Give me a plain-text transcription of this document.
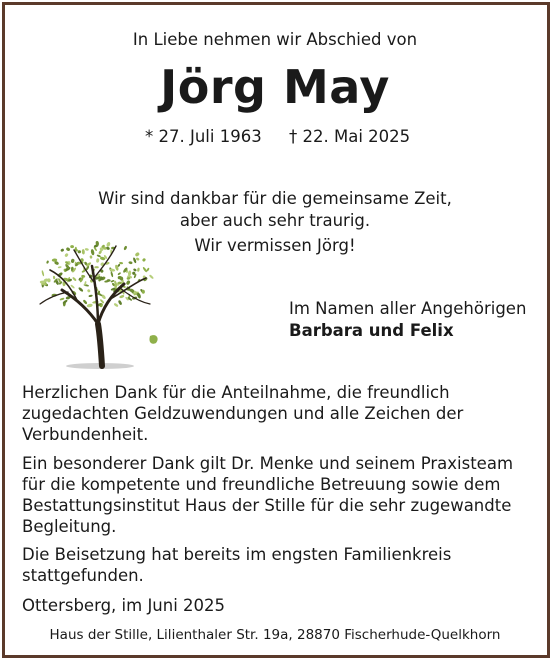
In Liebe nehmen wir Abschied von
Jörg May
* 27. Juli 1963 † 22. Mai 2025
Wir sind dankbar für die gemeinsame Zeit,
aber auch sehr traurig.
Wir vermissen Jörg!
Im Namen aller Angehörigen
Barbara und Felix
Herzlichen Dank für die Anteilnahme, die freundlich zugedachten Geldzuwendungen und alle Zeichen der Verbundenheit.
Ein besonderer Dank gilt Dr. Menke und seinem Praxisteam für die kompetente und freundliche Betreuung sowie dem Bestattungsinstitut Haus der Stille für die sehr zugewandte Begleitung.
Die Beisetzung hat bereits im engsten Familienkreis stattgefunden.
Ottersberg, im Juni 2025
Haus der Stille, Lilienthaler Str. 19a, 28870 Fischerhude-Quelkhorn
